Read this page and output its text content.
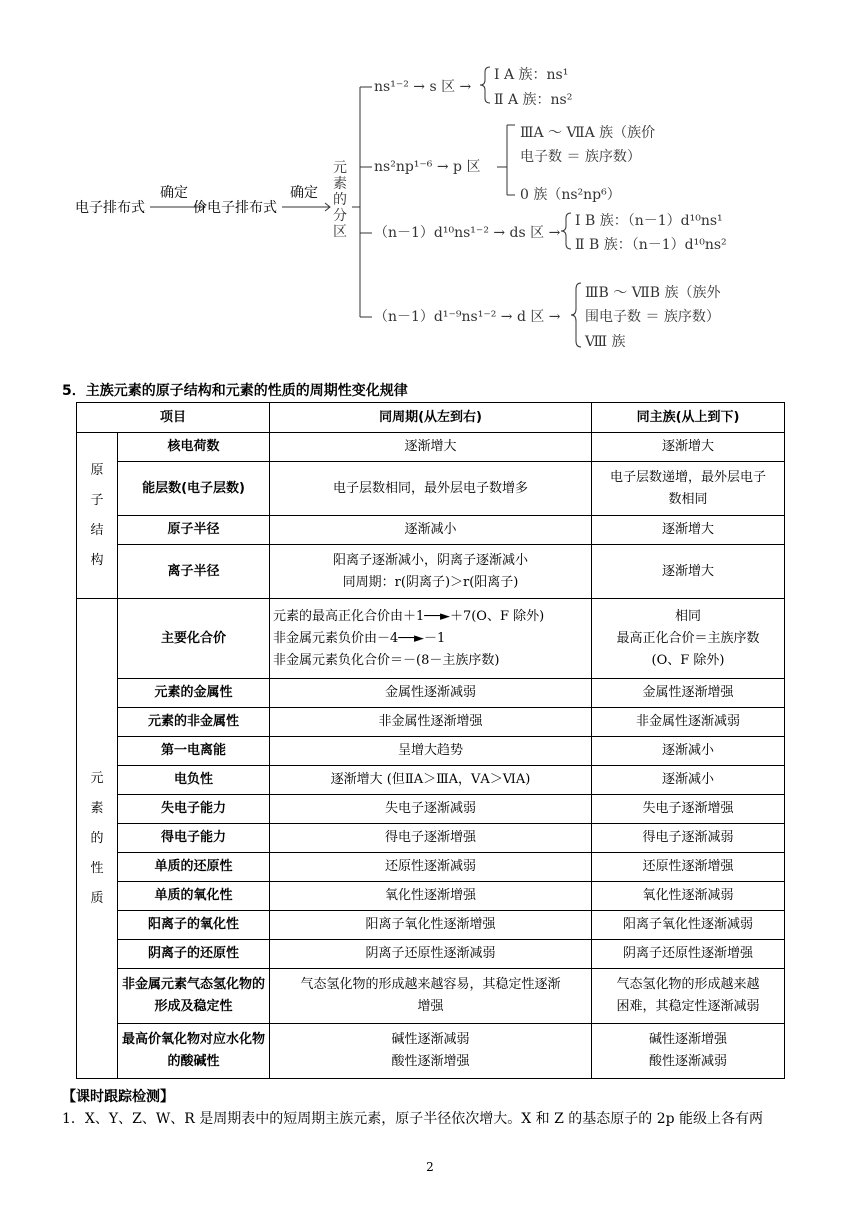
电子排布式
确定
价电子排布式
确定
元
素
的
分
区
ns¹⁻² → s 区 →
Ⅰ A 族：ns¹
Ⅱ A 族：ns²
ns²np¹⁻⁶ → p 区
ⅢA ～ ⅦA 族（族价
电子数 ＝ 族序数）
0 族（ns²np⁶）
（n－1）d¹⁰ns¹⁻² → ds 区 →
Ⅰ B 族：（n－1）d¹⁰ns¹
Ⅱ B 族：（n－1）d¹⁰ns²
（n－1）d¹⁻⁹ns¹⁻² → d 区 →
ⅢB ～ ⅦB 族（族外
围电子数 ＝ 族序数）
Ⅷ 族
5．主族元素的原子结构和元素的性质的周期性变化规律
项目		同周期(从左到右)	同主族(从上到下)

原
子
结
构	核电荷数	逐渐增大	逐渐增大

	能层数(电子层数)	电子层数相同，最外层电子数增多	电子层数递增，最外层电子
数相同

	原子半径	逐渐减小	逐渐增大

	离子半径	阳离子逐渐减小，阴离子逐渐减小
同周期：r(阴离子)＞r(阳离子)	逐渐增大

元
素
的
性
质	主要化合价	元素的最高正化合价由＋1──►＋7(O、F 除外)
非金属元素负价由－4──►－1
非金属元素负化合价＝－(8－主族序数)	相同
最高正化合价＝主族序数
(O、F 除外)

	元素的金属性	金属性逐渐减弱	金属性逐渐增强

	元素的非金属性	非金属性逐渐增强	非金属性逐渐减弱

	第一电离能	呈增大趋势	逐渐减小

	电负性	逐渐增大 (但ⅡA＞ⅢA，ⅤA＞ⅥA)	逐渐减小

	失电子能力	失电子逐渐减弱	失电子逐渐增强

	得电子能力	得电子逐渐增强	得电子逐渐减弱

	单质的还原性	还原性逐渐减弱	还原性逐渐增强

	单质的氧化性	氧化性逐渐增强	氧化性逐渐减弱

	阳离子的氧化性	阳离子氧化性逐渐增强	阳离子氧化性逐渐减弱

	阴离子的还原性	阴离子还原性逐渐减弱	阴离子还原性逐渐增强

	非金属元素气态氢化物的形成及稳定性	气态氢化物的形成越来越容易，其稳定性逐渐
增强	气态氢化物的形成越来越
困难，其稳定性逐渐减弱

	最高价氧化物对应水化物的酸碱性	碱性逐渐减弱
酸性逐渐增强	碱性逐渐增强
酸性逐渐减弱
【课时跟踪检测】
1．X、Y、Z、W、R 是周期表中的短周期主族元素，原子半径依次增大。X 和 Z 的基态原子的 2p 能级上各有两
2
